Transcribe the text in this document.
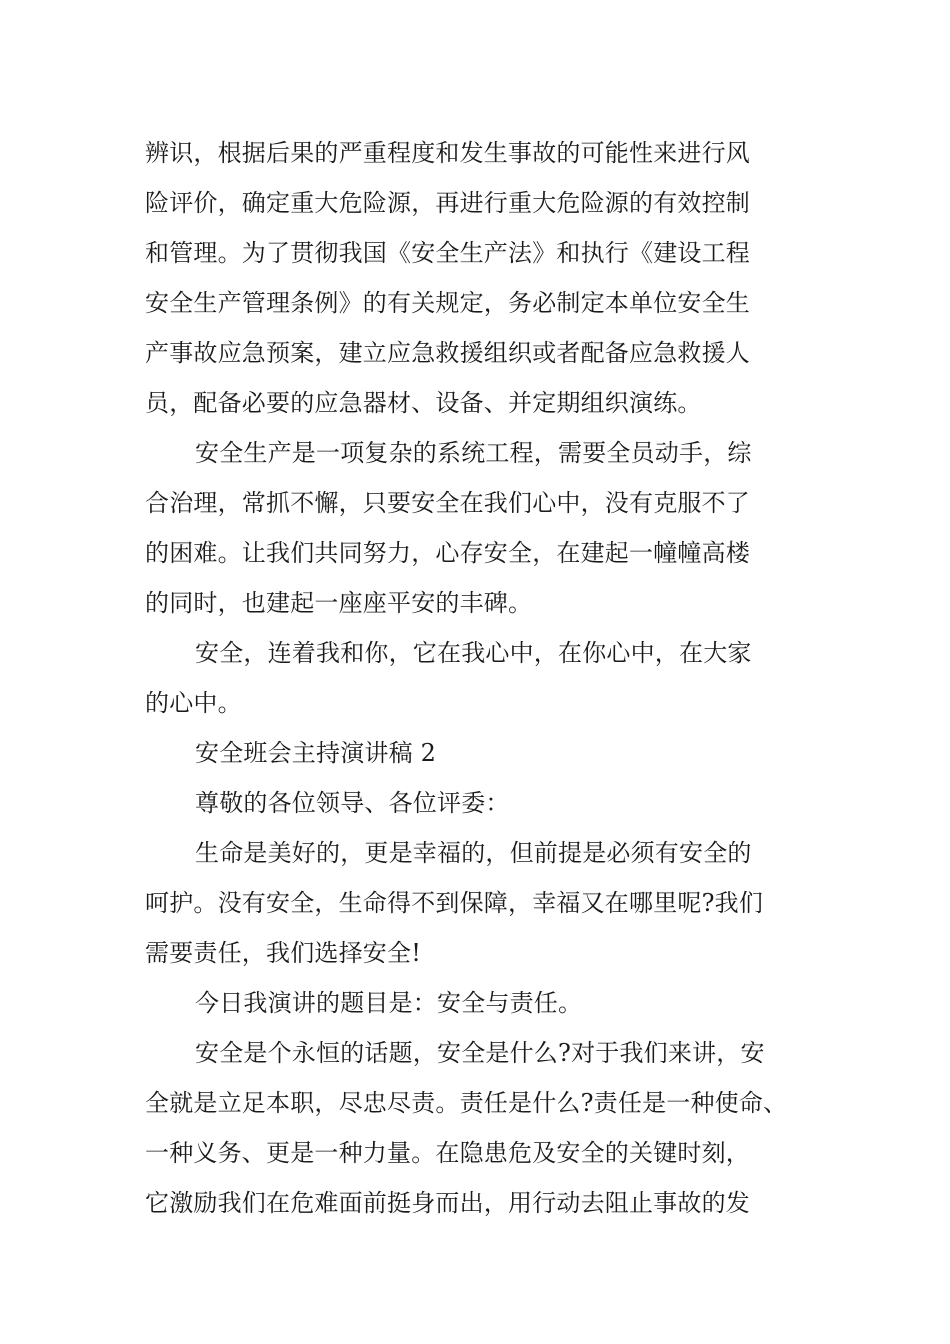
辨识，根据后果的严重程度和发生事故的可能性来进行风
险评价，确定重大危险源，再进行重大危险源的有效控制
和管理。为了贯彻我国《安全生产法》和执行《建设工程
安全生产管理条例》的有关规定，务必制定本单位安全生
产事故应急预案，建立应急救援组织或者配备应急救援人
员，配备必要的应急器材、设备、并定期组织演练。
安全生产是一项复杂的系统工程，需要全员动手，综
合治理，常抓不懈，只要安全在我们心中，没有克服不了
的困难。让我们共同努力，心存安全，在建起一幢幢高楼
的同时，也建起一座座平安的丰碑。
安全，连着我和你，它在我心中，在你心中，在大家
的心中。
安全班会主持演讲稿 2
尊敬的各位领导、各位评委：
生命是美好的，更是幸福的，但前提是必须有安全的
呵护。没有安全，生命得不到保障，幸福又在哪里呢?我们
需要责任，我们选择安全!
今日我演讲的题目是：安全与责任。
安全是个永恒的话题，安全是什么?对于我们来讲，安
全就是立足本职，尽忠尽责。责任是什么?责任是一种使命、
一种义务、更是一种力量。在隐患危及安全的关键时刻，
它激励我们在危难面前挺身而出，用行动去阻止事故的发
